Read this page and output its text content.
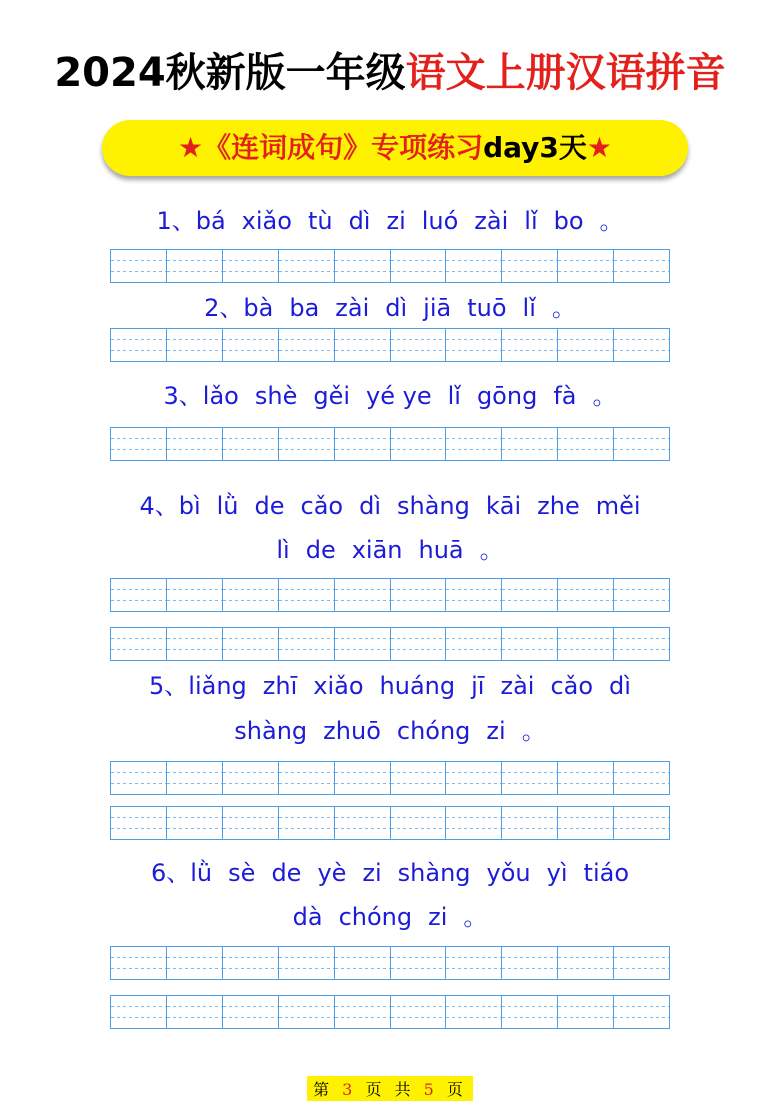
2024秋新版一年级语文上册汉语拼音
★《连词成句》专项练习day3天★
1、bá xiǎo tù dì zi luó zài lǐ bo 。
2、bà ba zài dì jiā tuō lǐ 。
3、lǎo shè gěi yé ye lǐ gōng fà 。
4、bì lǜ de cǎo dì shàng kāi zhe měi
lì de xiān huā 。
5、liǎng zhī xiǎo huáng jī zài cǎo dì
shàng zhuō chóng zi 。
6、lǜ sè de yè zi shàng yǒu yì tiáo
dà chóng zi 。
第 3 页 共 5 页
